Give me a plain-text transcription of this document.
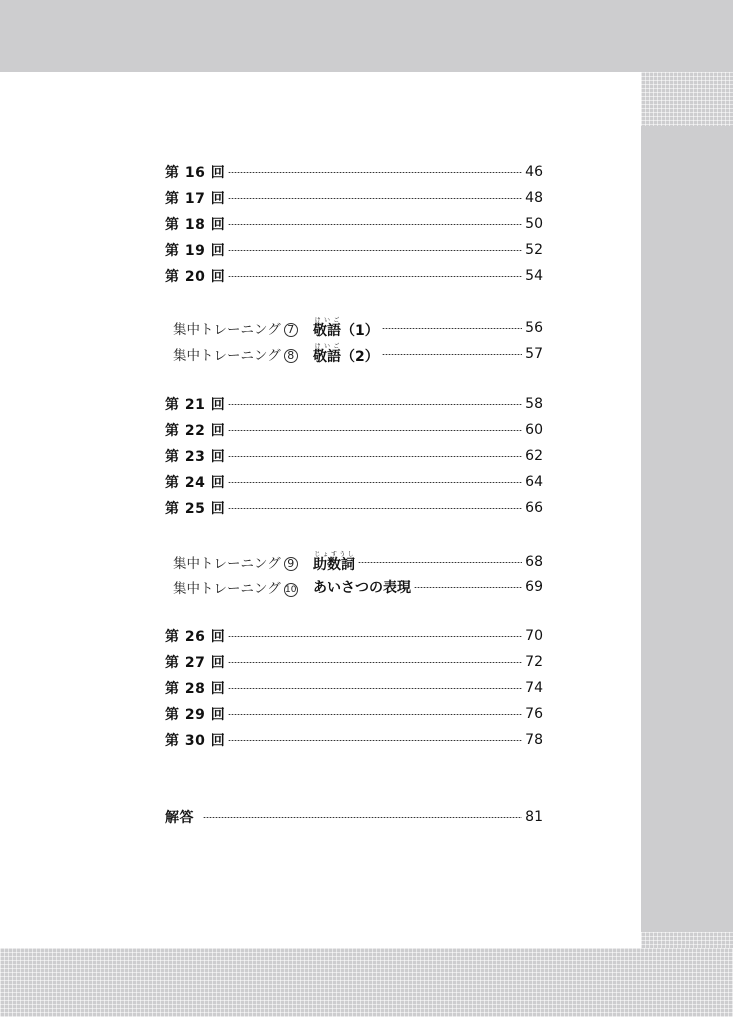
第 16 回	46
第 17 回	48
第 18 回	50
第 19 回	52
第 20 回	54
集中トレーニング 7	敬語けいご（1）	56
集中トレーニング 8	敬語けいご（2）	57
第 21 回	58
第 22 回	60
第 23 回	62
第 24 回	64
第 25 回	66
集中トレーニング 9	助数詞じょすうし	68
集中トレーニング 10	あいさつの表現	69
第 26 回	70
第 27 回	72
第 28 回	74
第 29 回	76
第 30 回	78
解答	81
